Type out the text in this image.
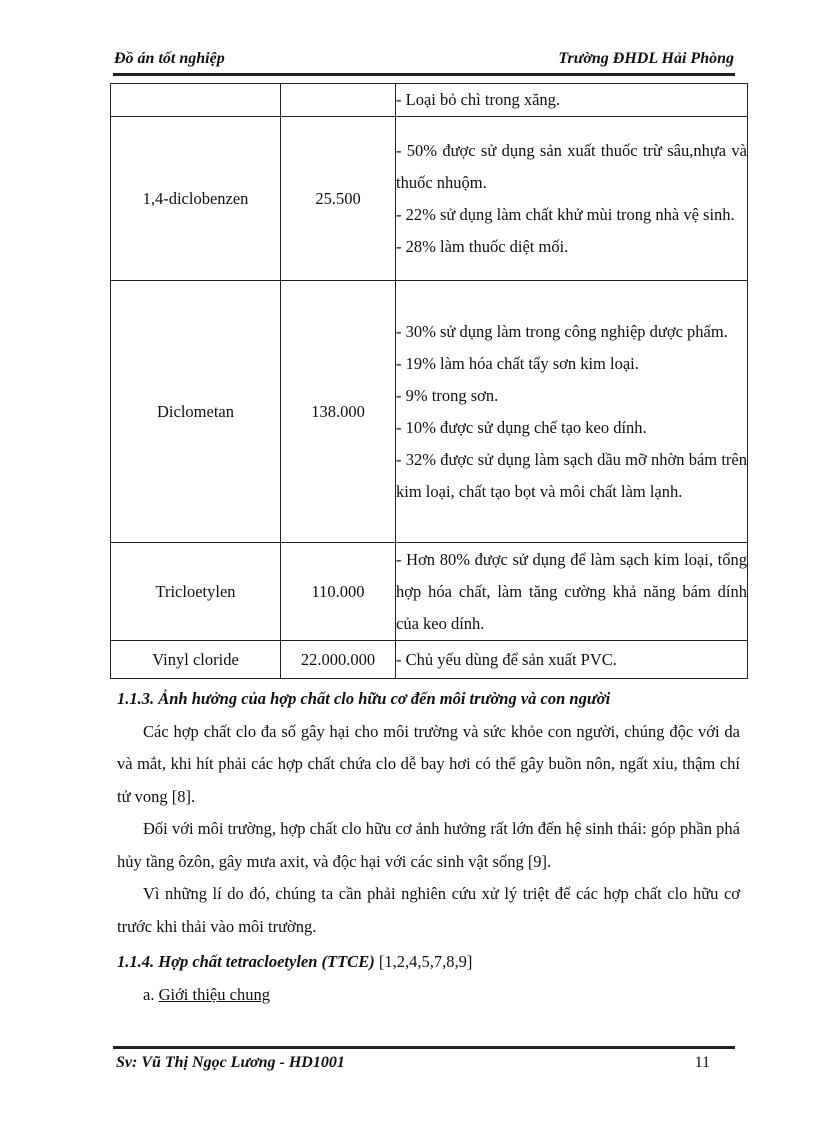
Đồ án tốt nghiệp	Trường ĐHDL Hải Phòng

		- Loại bỏ chì trong xăng.

1,4-diclobenzen	25.500	- 50% được sử dụng sản xuất thuốc trừ sâu,nhựa và thuốc nhuộm.

- 22% sử dụng làm chất khử mùi trong nhà vệ sinh.

- 28% làm thuốc diệt mối.

Diclometan	138.000	- 30% sử dụng làm trong công nghiệp dược phẩm.

- 19% làm hóa chất tẩy sơn kim loại.

- 9% trong sơn.

- 10% được sử dụng chế tạo keo dính.

- 32% được sử dụng làm sạch dầu mỡ nhờn bám trên kim loại, chất tạo bọt và môi chất làm lạnh.

Tricloetylen	110.000	- Hơn 80% được sử dụng để làm sạch kim loại, tổng hợp hóa chất, làm tăng cường khả năng bám dính của keo dính.

Vinyl cloride	22.000.000	- Chủ yếu dùng để sản xuất PVC.

1.1.3. Ảnh hưởng của hợp chất clo hữu cơ đến môi trường và con người

Các hợp chất clo đa số gây hại cho môi trường và sức khỏe con người, chúng độc với da và mắt, khi hít phải các hợp chất chứa clo dễ bay hơi có thể gây buồn nôn, ngất xỉu, thậm chí tử vong [8].

Đối với môi trường, hợp chất clo hữu cơ ảnh hưởng rất lớn đến hệ sinh thái: góp phần phá hủy tầng ôzôn, gây mưa axit, và độc hại với các sinh vật sống [9].

Vì những lí do đó, chúng ta cần phải nghiên cứu xử lý triệt để các hợp chất clo hữu cơ trước khi thải vào môi trường.

1.1.4. Hợp chất tetracloetylen (TTCE) [1,2,4,5,7,8,9]
a. Giới thiệu chung
Sv: Vũ Thị Ngọc Lương - HD1001	11
